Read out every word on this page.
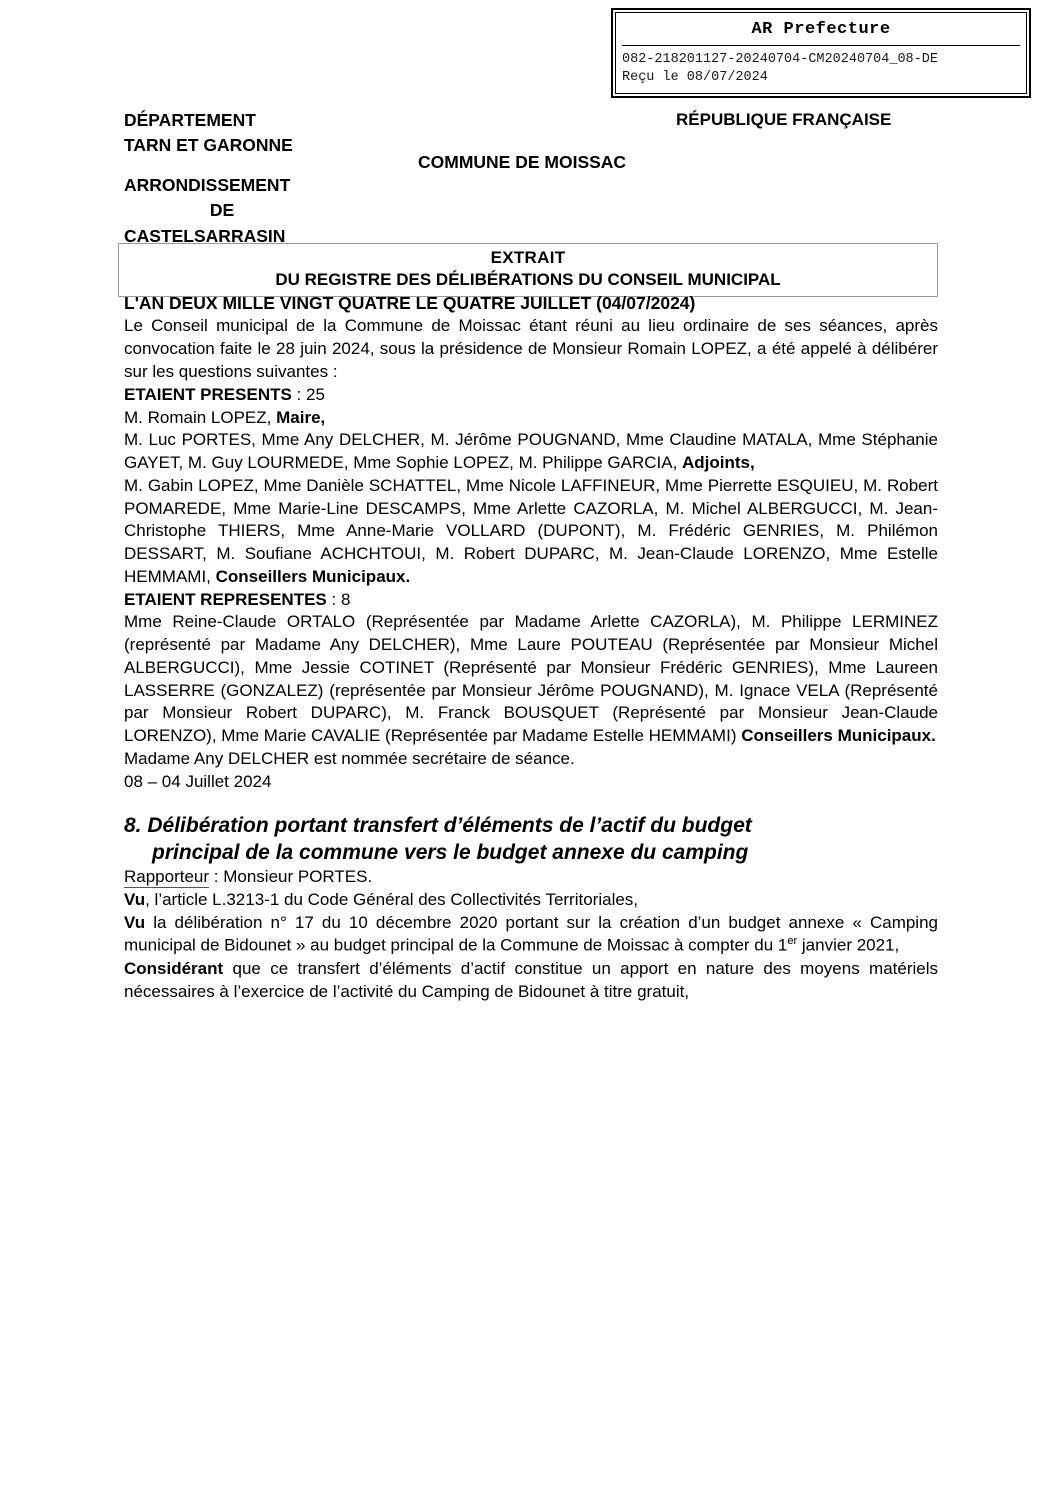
AR Prefecture
082-218201127-20240704-CM20240704_08-DE
Reçu le 08/07/2024
DÉPARTEMENT
TARN ET GARONNE
ARRONDISSEMENT
DE
CASTELSARRASIN
RÉPUBLIQUE FRANÇAISE
COMMUNE DE MOISSAC
EXTRAIT
DU REGISTRE DES DÉLIBÉRATIONS DU CONSEIL MUNICIPAL

L'AN DEUX MILLE VINGT QUATRE LE QUATRE JUILLET (04/07/2024)

Le Conseil municipal de la Commune de Moissac étant réuni au lieu ordinaire de ses séances, après convocation faite le 28 juin 2024, sous la présidence de Monsieur Romain LOPEZ, a été appelé à délibérer sur les questions suivantes :

ETAIENT PRESENTS : 25

M. Romain LOPEZ, Maire,

M. Luc PORTES, Mme Any DELCHER, M. Jérôme POUGNAND, Mme Claudine MATALA, Mme Stéphanie GAYET, M. Guy LOURMEDE, Mme Sophie LOPEZ, M. Philippe GARCIA, Adjoints,

M. Gabin LOPEZ, Mme Danièle SCHATTEL, Mme Nicole LAFFINEUR, Mme Pierrette ESQUIEU, M. Robert POMAREDE, Mme Marie-Line DESCAMPS, Mme Arlette CAZORLA, M. Michel ALBERGUCCI, M. Jean-Christophe THIERS, Mme Anne-Marie VOLLARD (DUPONT), M. Frédéric GENRIES, M. Philémon DESSART, M. Soufiane ACHCHTOUI, M. Robert DUPARC, M. Jean-Claude LORENZO, Mme Estelle HEMMAMI, Conseillers Municipaux.

ETAIENT REPRESENTES : 8

Mme Reine-Claude ORTALO (Représentée par Madame Arlette CAZORLA), M. Philippe LERMINEZ (représenté par Madame Any DELCHER), Mme Laure POUTEAU (Représentée par Monsieur Michel ALBERGUCCI), Mme Jessie COTINET (Représenté par Monsieur Frédéric GENRIES), Mme Laureen LASSERRE (GONZALEZ) (représentée par Monsieur Jérôme POUGNAND), M. Ignace VELA (Représenté par Monsieur Robert DUPARC), M. Franck BOUSQUET (Représenté par Monsieur Jean-Claude LORENZO), Mme Marie CAVALIE (Représentée par Madame Estelle HEMMAMI) Conseillers Municipaux.

Madame Any DELCHER est nommée secrétaire de séance.

08 – 04 Juillet 2024

8. Délibération portant transfert d’éléments de l’actif du budget
principal de la commune vers le budget annexe du camping

Rapporteur : Monsieur PORTES.

Vu, l’article L.3213-1 du Code Général des Collectivités Territoriales,

Vu la délibération n° 17 du 10 décembre 2020 portant sur la création d’un budget annexe « Camping municipal de Bidounet » au budget principal de la Commune de Moissac à compter du 1er janvier 2021,

Considérant que ce transfert d’éléments d’actif constitue un apport en nature des moyens matériels nécessaires à l’exercice de l’activité du Camping de Bidounet à titre gratuit,
